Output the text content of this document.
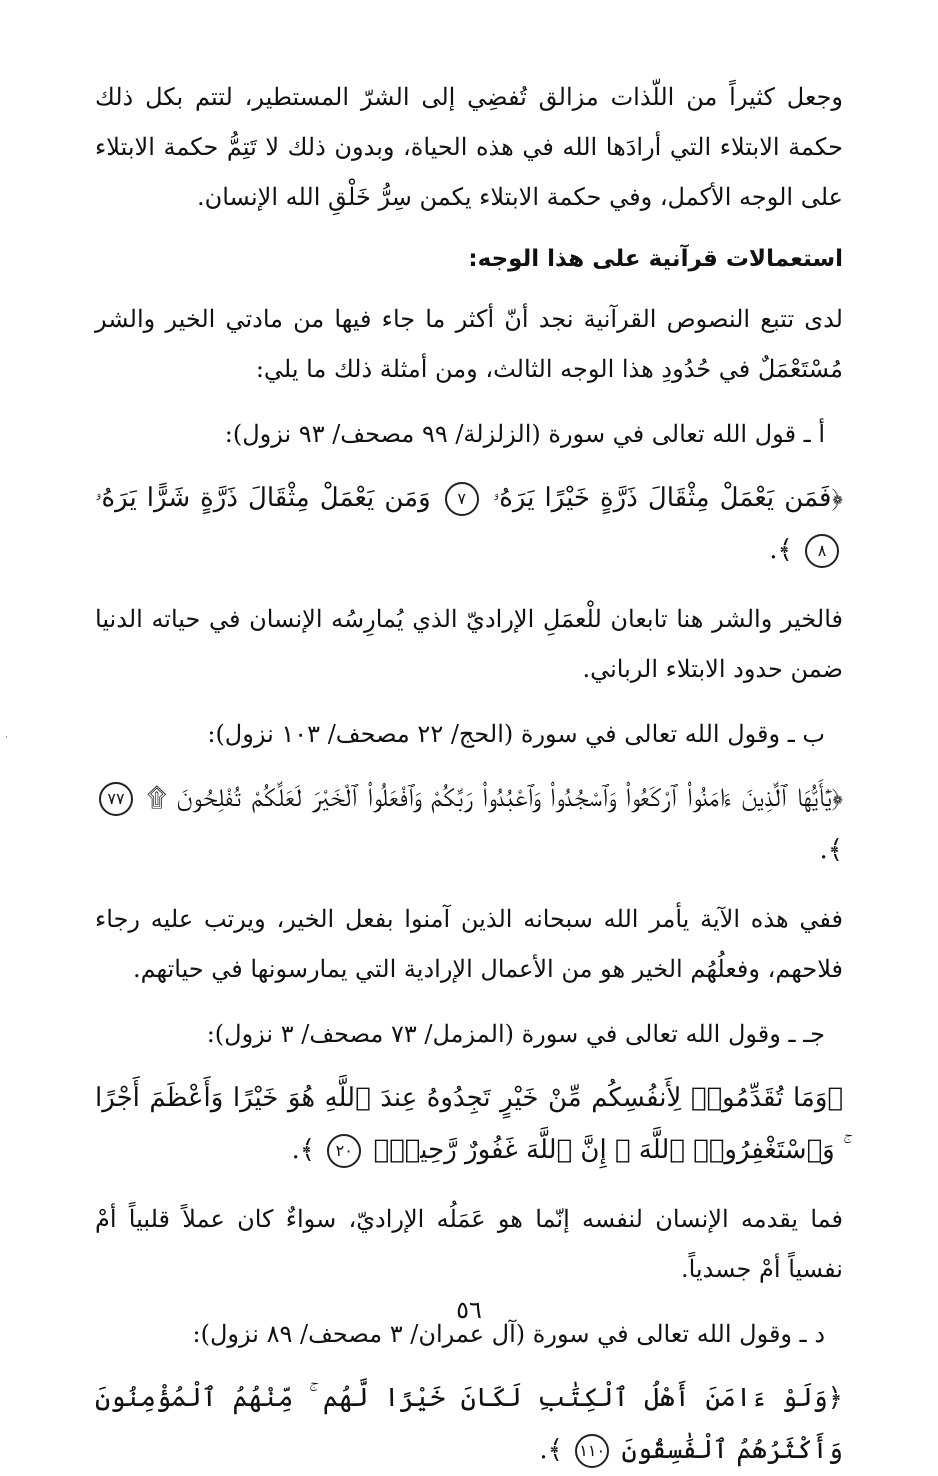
وجعل كثيراً من اللّذات مزالق تُفضِي إلى الشرّ المستطير، لتتم بكل ذلك حكمة الابتلاء التي أرادَها الله في هذه الحياة، وبدون ذلك لا تَتِمُّ حكمة الابتلاء على الوجه الأكمل، وفي حكمة الابتلاء يكمن سِرُّ خَلْقِ الله الإنسان.

استعمالات قرآنية على هذا الوجه:

لدى تتبع النصوص القرآنية نجد أنّ أكثر ما جاء فيها من مادتي الخير والشر مُسْتَعْمَلٌ في حُدُودِ هذا الوجه الثالث، ومن أمثلة ذلك ما يلي:

أ ـ قول الله تعالى في سورة (الزلزلة/ ٩٩ مصحف/ ٩٣ نزول):
﴿فَمَن يَعْمَلْ مِثْقَالَ ذَرَّةٍ خَيْرًا يَرَهُۥ ٧ وَمَن يَعْمَلْ مِثْقَالَ ذَرَّةٍ شَرًّا يَرَهُۥ ٨ ﴾.

فالخير والشر هنا تابعان للْعمَلِ الإراديّ الذي يُمارِسُه الإنسان في حياته الدنيا ضمن حدود الابتلاء الرباني.

ب ـ وقول الله تعالى في سورة (الحج/ ٢٢ مصحف/ ١٠٣ نزول):
﴿يَٰٓأَيُّهَا ٱلَّذِينَ ءَامَنُوا۟ ٱرْكَعُوا۟ وَٱسْجُدُوا۟ وَٱعْبُدُوا۟ رَبَّكُمْ وَٱفْعَلُوا۟ ٱلْخَيْرَ لَعَلَّكُمْ تُفْلِحُونَ ۩ ٧٧ ﴾.

ففي هذه الآية يأمر الله سبحانه الذين آمنوا بفعل الخير، ويرتب عليه رجاء فلاحهم، وفعلُهُم الخير هو من الأعمال الإرادية التي يمارسونها في حياتهم.

جـ ـ وقول الله تعالى في سورة (المزمل/ ٧٣ مصحف/ ٣ نزول):
﴿وَمَا تُقَدِّمُوا۟ لِأَنفُسِكُم مِّنْ خَيْرٍ تَجِدُوهُ عِندَ ٱللَّهِ هُوَ خَيْرًا وَأَعْظَمَ أَجْرًا ۚ وَٱسْتَغْفِرُوا۟ ٱللَّهَ ۖ إِنَّ ٱللَّهَ غَفُورٌ رَّحِيمٌۢ ٢٠ ﴾.

فما يقدمه الإنسان لنفسه إنّما هو عَمَلُه الإراديّ، سواءٌ كان عملاً قلبياً أمْ نفسياً أمْ جسدياً.

د ـ وقول الله تعالى في سورة (آل عمران/ ٣ مصحف/ ٨٩ نزول):
﴿وَلَوْ ءَامَنَ أَهْلُ ٱلْكِتَٰبِ لَكَانَ خَيْرًا لَّهُم ۚ مِّنْهُمُ ٱلْمُؤْمِنُونَ وَأَكْثَرُهُمُ ٱلْفَٰسِقُونَ ١١٠ ﴾.
٥٦
